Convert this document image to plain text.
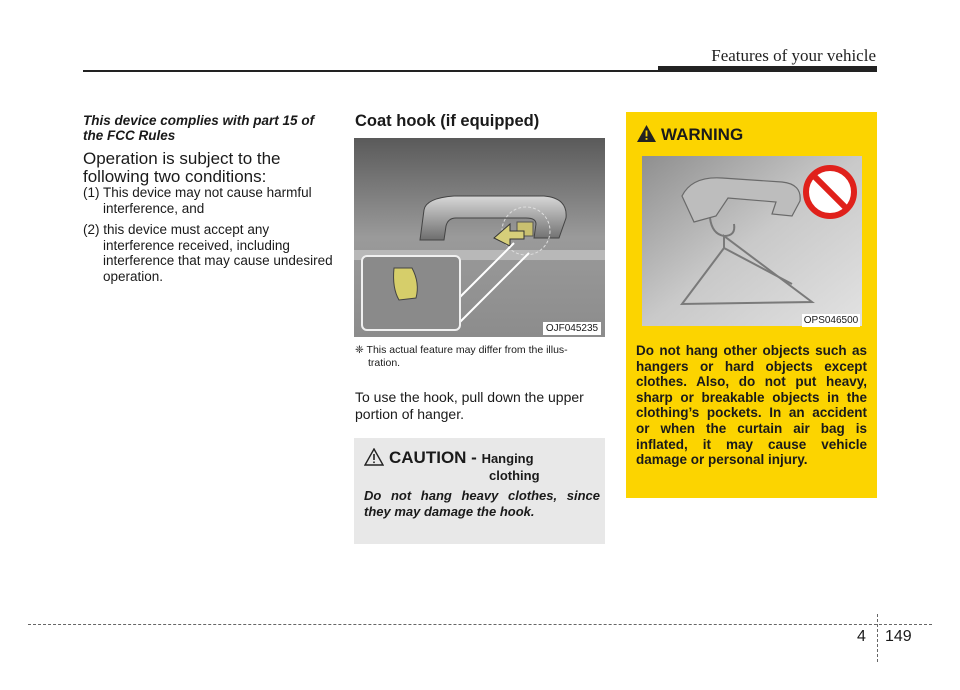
Features of your vehicle
This device complies with part 15 of the FCC Rules
Operation is subject to the following two conditions:
(1) This device may not cause harmful interference, and
(2) this device must accept any interference received, including interference that may cause undesired operation.
Coat hook (if equipped)
OJF045235
❈ This actual feature may differ from the illus-
tration.
To use the hook, pull down the upper portion of hanger.
CAUTION - Hanging
clothing
Do not hang heavy clothes, since they may damage the hook.
WARNING
OPS046500
Do not hang other objects such as hangers or hard objects except clothes. Also, do not put heavy, sharp or breakable objects in the clothing’s pockets. In an accident or when the curtain air bag is inflated, it may cause vehicle damage or personal injury.
4 149
